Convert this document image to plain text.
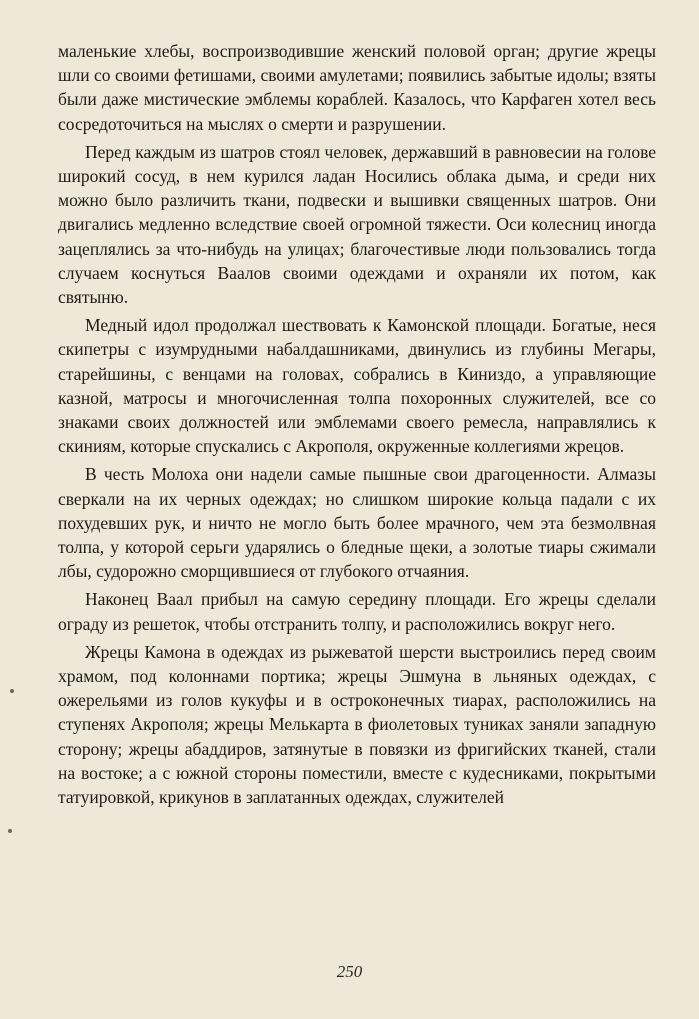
маленькие хлебы, воспроизводившие женский половой орган; другие жрецы шли со своими фетишами, своими амулетами; появились забытые идолы; взяты были даже мистические эмблемы кораблей. Казалось, что Карфаген хотел весь сосредоточиться на мыслях о смерти и разрушении.

Перед каждым из шатров стоял человек, державший в равновесии на голове широкий сосуд, в нем курился ладан Носились облака дыма, и среди них можно было различить ткани, подвески и вышивки священных шатров. Они двигались медленно вследствие своей огромной тяжести. Оси колесниц иногда зацеплялись за что-нибудь на улицах; благочестивые люди пользовались тогда случаем коснуться Ваалов своими одеждами и охраняли их потом, как святыню.

Медный идол продолжал шествовать к Камонской площади. Богатые, неся скипетры с изумрудными набалдашниками, двинулись из глубины Мегары, старейшины, с венцами на головах, собрались в Киниздо, а управляющие казной, матросы и многочисленная толпа похоронных служителей, все со знаками своих должностей или эмблемами своего ремесла, направлялись к скиниям, которые спускались с Акрополя, окруженные коллегиями жрецов.

В честь Молоха они надели самые пышные свои драгоценности. Алмазы сверкали на их черных одеждах; но слишком широкие кольца падали с их похудевших рук, и ничто не могло быть более мрачного, чем эта безмолвная толпа, у которой серьги ударялись о бледные щеки, а золотые тиары сжимали лбы, судорожно сморщившиеся от глубокого отчаяния.

Наконец Ваал прибыл на самую середину площади. Его жрецы сделали ограду из решеток, чтобы отстранить толпу, и расположились вокруг него.

Жрецы Камона в одеждах из рыжеватой шерсти выстроились перед своим храмом, под колоннами портика; жрецы Эшмуна в льняных одеждах, с ожерельями из голов кукуфы и в остроконечных тиарах, расположились на ступенях Акрополя; жрецы Мелькарта в фиолетовых туниках заняли западную сторону; жрецы абаддиров, затянутые в повязки из фригийских тканей, стали на востоке; а с южной стороны поместили, вместе с кудесниками, покрытыми татуировкой, крикунов в заплатанных одеждах, служителей

250
